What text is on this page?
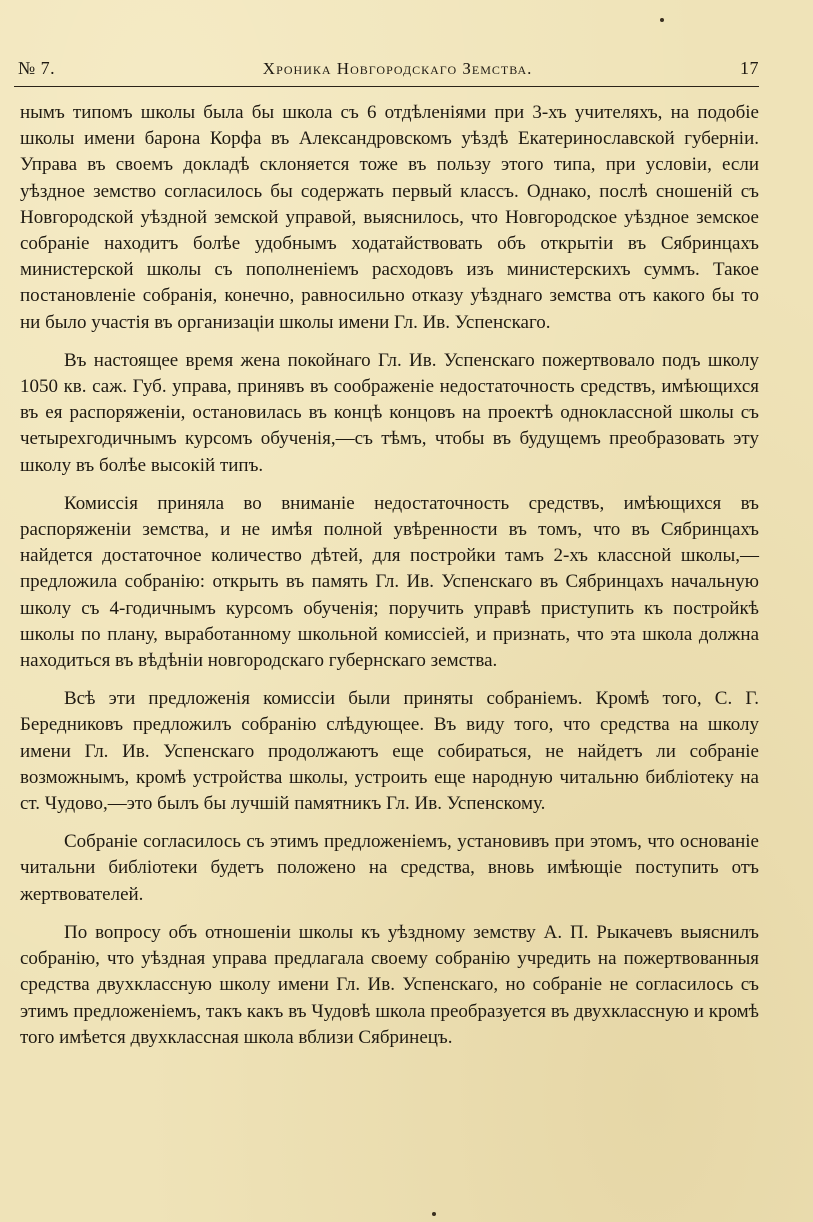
№ 7.	Хроника Новгородскаго Земства.	17

нымъ типомъ школы была бы школа съ 6 отдѣленіями при 3-хъ учителяхъ, на подобіе школы имени барона Корфа въ Александровскомъ уѣздѣ Екатеринославской губерніи. Управа въ своемъ докладѣ склоняется тоже въ пользу этого типа, при условіи, если уѣздное земство согласилось бы содержать первый классъ. Однако, послѣ сношеній съ Новгородской уѣздной земской управой, выяснилось, что Новгородское уѣздное земское собраніе находитъ болѣе удобнымъ ходатайствовать объ открытіи въ Сябринцахъ министерской школы съ пополненіемъ расходовъ изъ министерскихъ суммъ. Такое постановленіе собранія, конечно, равносильно отказу уѣзднаго земства отъ какого бы то ни было участія въ организаціи школы имени Гл. Ив. Успенскаго.

Въ настоящее время жена покойнаго Гл. Ив. Успенскаго пожертвовало подъ школу 1050 кв. саж. Губ. управа, принявъ въ соображеніе недостаточность средствъ, имѣющихся въ ея распоряженіи, остановилась въ концѣ концовъ на проектѣ одноклассной школы съ четырехгодичнымъ курсомъ обученія,—съ тѣмъ, чтобы въ будущемъ преобразовать эту школу въ болѣе высокій типъ.

Комиссія приняла во вниманіе недостаточность средствъ, имѣющихся въ распоряженіи земства, и не имѣя полной увѣренности въ томъ, что въ Сябринцахъ найдется достаточное количество дѣтей, для постройки тамъ 2-хъ классной школы,—предложила собранію: открыть въ память Гл. Ив. Успенскаго въ Сябринцахъ начальную школу съ 4-годичнымъ курсомъ обученія; поручить управѣ приступить къ постройкѣ школы по плану, выработанному школьной комиссіей, и признать, что эта школа должна находиться въ вѣдѣніи новгородскаго губернскаго земства.

Всѣ эти предложенія комиссіи были приняты собраніемъ. Кромѣ того, С. Г. Бередниковъ предложилъ собранію слѣдующее. Въ виду того, что средства на школу имени Гл. Ив. Успенскаго продолжаютъ еще собираться, не найдетъ ли собраніе возможнымъ, кромѣ устройства школы, устроить еще народную читальню библіотеку на ст. Чудово,—это былъ бы лучшій памятникъ Гл. Ив. Успенскому.

Собраніе согласилось съ этимъ предложеніемъ, установивъ при этомъ, что основаніе читальни библіотеки будетъ положено на средства, вновь имѣющіе поступить отъ жертвователей.

По вопросу объ отношеніи школы къ уѣздному земству А. П. Рыкачевъ выяснилъ собранію, что уѣздная управа предлагала своему собранію учредить на пожертвованныя средства двухклассную школу имени Гл. Ив. Успенскаго, но собраніе не согласилось съ этимъ предложеніемъ, такъ какъ въ Чудовѣ школа преобразуется въ двухклассную и кромѣ того имѣется двухклассная школа вблизи Сябринецъ.
